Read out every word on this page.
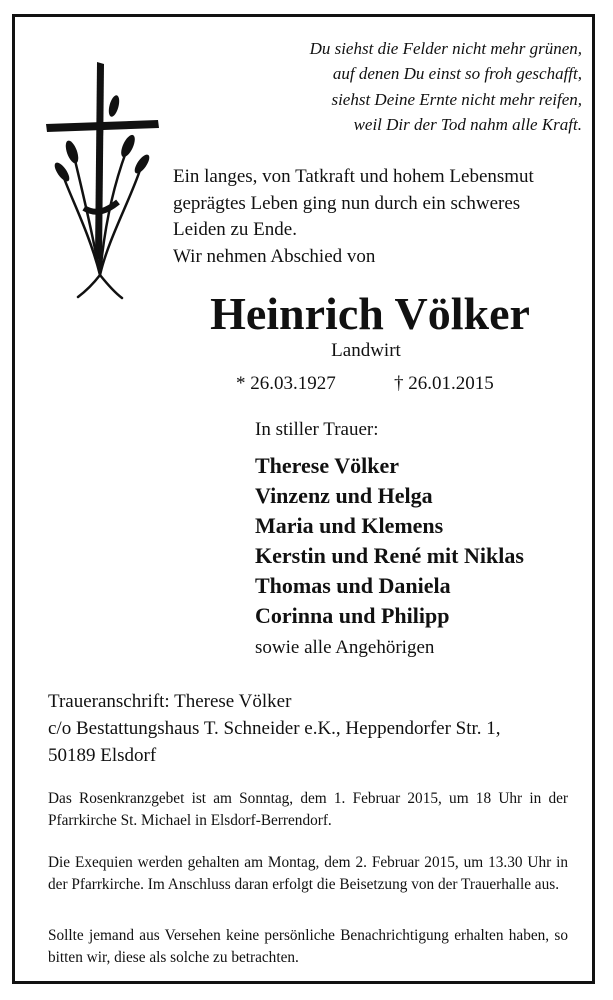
Du siehst die Felder nicht mehr grünen,
auf denen Du einst so froh geschafft,
siehst Deine Ernte nicht mehr reifen,
weil Dir der Tod nahm alle Kraft.
Ein langes, von Tatkraft und hohem Lebensmut
geprägtes Leben ging nun durch ein schweres
Leiden zu Ende.
Wir nehmen Abschied von
Heinrich Völker
Landwirt
* 26.03.1927	† 26.01.2015
In stiller Trauer:
Therese Völker
Vinzenz und Helga
Maria und Klemens
Kerstin und René mit Niklas
Thomas und Daniela
Corinna und Philipp
sowie alle Angehörigen
Traueranschrift: Therese Völker
c/o Bestattungshaus T. Schneider e.K., Heppendorfer Str. 1,
50189 Elsdorf

Das Rosenkranzgebet ist am Sonntag, dem 1. Februar 2015, um 18 Uhr in der Pfarrkirche St. Michael in Elsdorf-Berrendorf.

Die Exequien werden gehalten am Montag, dem 2. Februar 2015, um 13.30 Uhr in der Pfarrkirche. Im Anschluss daran erfolgt die Beisetzung von der Trauerhalle aus.

Sollte jemand aus Versehen keine persönliche Benachrichtigung erhalten haben, so bitten wir, diese als solche zu betrachten.
